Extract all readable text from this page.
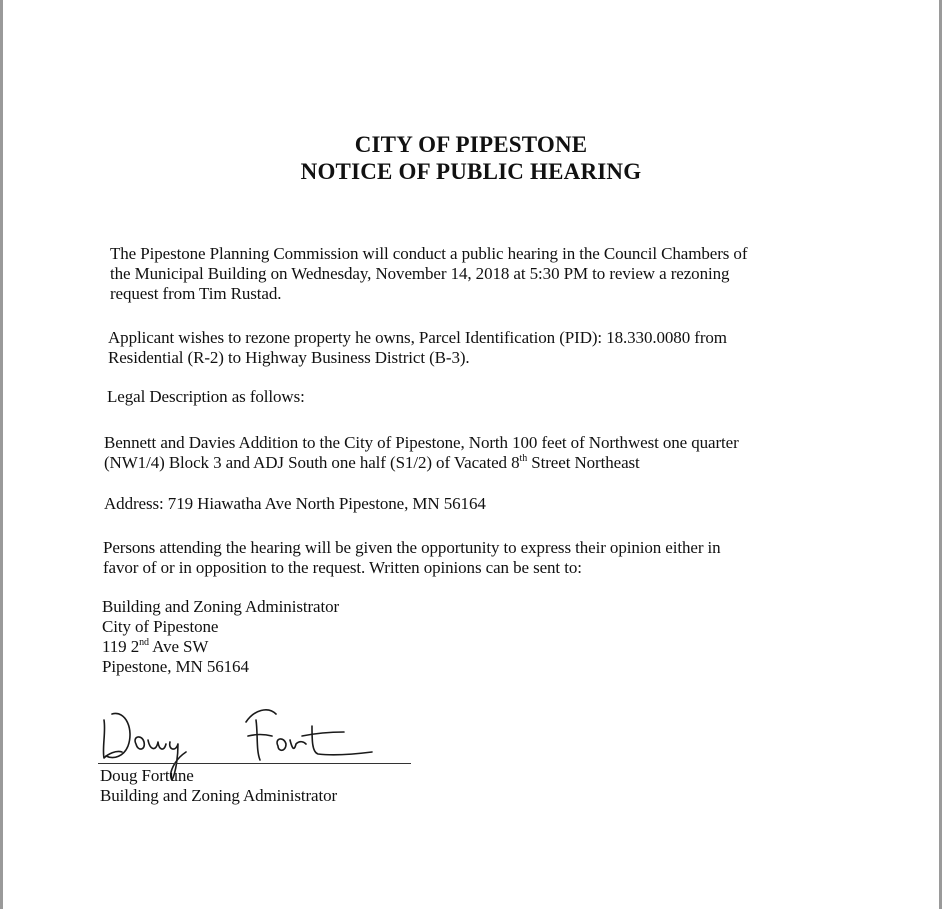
CITY OF PIPESTONE
NOTICE OF PUBLIC HEARING
The Pipestone Planning Commission will conduct a public hearing in the Council Chambers of
the Municipal Building on Wednesday, November 14, 2018 at 5:30 PM to review a rezoning
request from Tim Rustad.
Applicant wishes to rezone property he owns, Parcel Identification (PID): 18.330.0080 from
Residential (R-2) to Highway Business District (B-3).
Legal Description as follows:
Bennett and Davies Addition to the City of Pipestone, North 100 feet of Northwest one quarter
(NW1/4) Block 3 and ADJ South one half (S1/2) of Vacated 8th Street Northeast
Address: 719 Hiawatha Ave North Pipestone, MN 56164
Persons attending the hearing will be given the opportunity to express their opinion either in
favor of or in opposition to the request. Written opinions can be sent to:
Building and Zoning Administrator
City of Pipestone
119 2nd Ave SW
Pipestone, MN 56164
Doug Fortune
Building and Zoning Administrator
